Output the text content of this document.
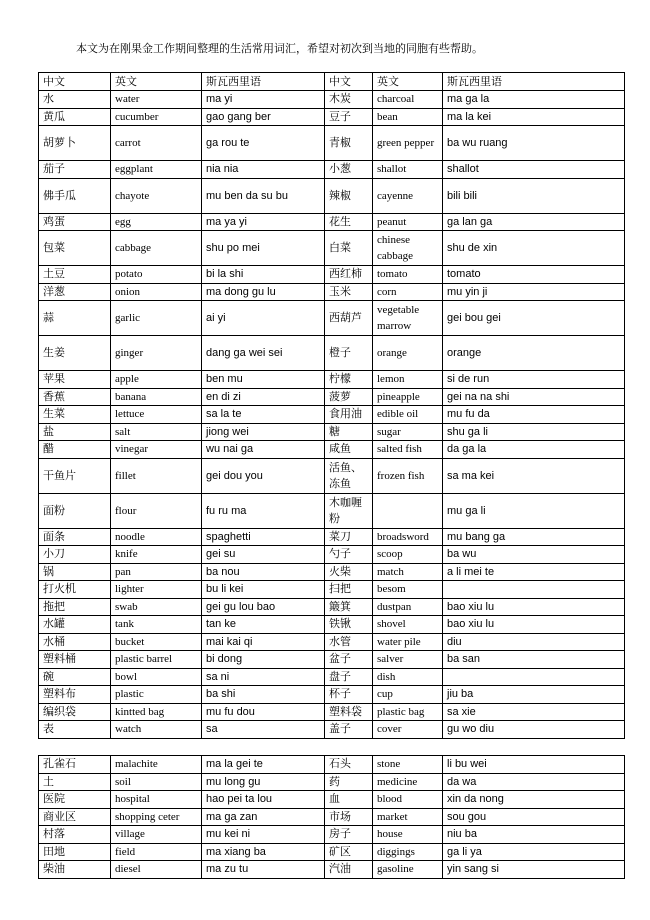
本文为在刚果金工作期间整理的生活常用词汇，希望对初次到当地的同胞有些帮助。

中文	英文	斯瓦西里语		中文	英文	斯瓦西里语
水	water	ma yi		木炭	charcoal	ma ga la
黄瓜	cucumber	gao gang ber		豆子	bean	ma la kei
胡萝卜	carrot	ga rou te		青椒	green pepper	ba wu ruang
茄子	eggplant	nia nia		小葱	shallot	shallot
佛手瓜	chayote	mu ben da su bu		辣椒	cayenne	bili bili
鸡蛋	egg	ma ya yi		花生	peanut	ga lan ga
包菜	cabbage	shu po mei		白菜	chinese cabbage	shu de xin
土豆	potato	bi la shi		西红柿	tomato	tomato
洋葱	onion	ma dong gu lu		玉米	corn	mu yin ji
蒜	garlic	ai yi		西葫芦	vegetable marrow	gei bou gei
生姜	ginger	dang ga wei sei		橙子	orange	orange
苹果	apple	ben mu		柠檬	lemon	si de run
香蕉	banana	en di zi		菠萝	pineapple	gei na na shi
生菜	lettuce	sa la te		食用油	edible oil	mu fu da
盐	salt	jiong wei		糖	sugar	shu ga li
醋	vinegar	wu nai ga		咸鱼	salted fish	da ga la
干鱼片	fillet	gei dou you		活鱼、冻鱼	frozen fish	sa ma kei
面粉	flour	fu ru ma		木咖喱粉		mu ga li
面条	noodle	spaghetti		菜刀	broadsword	mu bang ga
小刀	knife	gei su		勺子	scoop	ba wu
锅	pan	ba nou		火柴	match	a li mei te
打火机	lighter	bu li kei		扫把	besom	
拖把	swab	gei gu lou bao		簸箕	dustpan	bao xiu lu
水罐	tank	tan ke		铁锹	shovel	bao xiu lu
水桶	bucket	mai kai qi		水管	water pile	diu
塑料桶	plastic barrel	bi dong		盆子	salver	ba san
碗	bowl	sa ni		盘子	dish	
塑料布	plastic	ba shi		杯子	cup	jiu ba
编织袋	kintted bag	mu fu dou		塑料袋	plastic bag	sa xie
表	watch	sa		盖子	cover	gu wo diu
孔雀石	malachite	ma la gei te		石头	stone	li bu wei
土	soil	mu long gu		药	medicine	da wa
医院	hospital	hao pei ta lou		血	blood	xin da nong
商业区	shopping ceter	ma ga zan		市场	market	sou gou
村落	village	mu kei ni		房子	house	niu ba
田地	field	ma xiang ba		矿区	diggings	ga li ya
柴油	diesel	ma zu tu		汽油	gasoline	yin sang si
